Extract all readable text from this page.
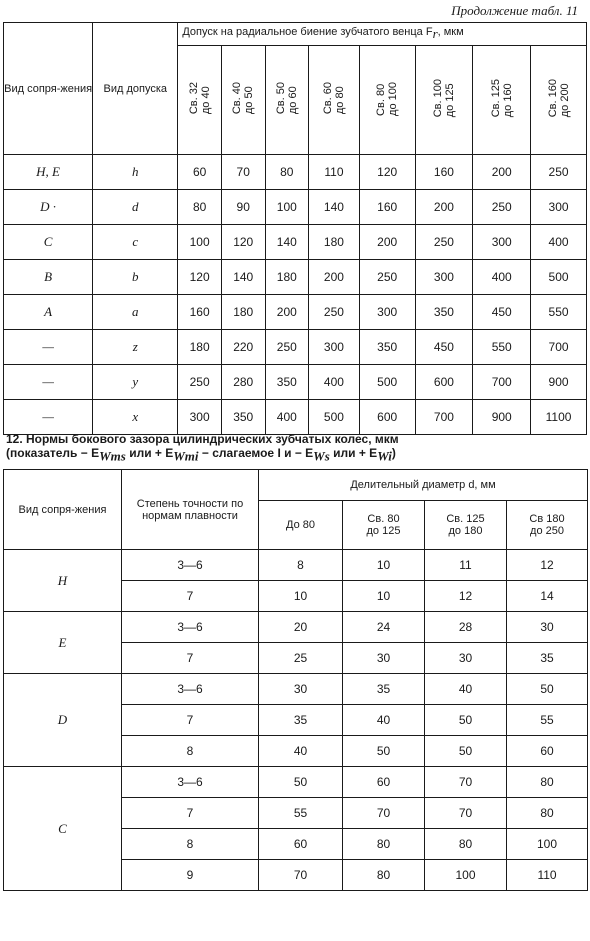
Продолжение табл. 11
Вид сопря-жения	Вид допуска	Допуск на радиальное биение зубчатого венца $F_r$, мкм							
		Св. 32
до 40	Св. 40
до 50	Св. 50
до 60	Св. 60
до 80	Св. 80
до 100	Св. 100
до 125	Св. 125
до 160	Св. 160
до 200
H, E	h	60	70	80	110	120	160	200	250
D ·	d	80	90	100	140	160	200	250	300
C	c	100	120	140	180	200	250	300	400
B	b	120	140	180	200	250	300	400	500
A	a	160	180	200	250	300	350	450	550
—	z	180	220	250	300	350	450	550	700
—	y	250	280	350	400	500	600	700	900
—	x	300	350	400	500	600	700	900	1100
12. Нормы бокового зазора цилиндрических зубчатых колес, мкм
(показатель − $E_{Wms}$ или + $E_{Wmi}$ − слагаемое I $и - E_{Ws}$ или + $E_{Wi}$)
Вид сопря-жения	Степень точности по нормам плавности	Делительный диаметр d, мм			
		До 80	Св. 80
до 125	Св. 125
до 180	Св 180
до 250
H	3—6	8	10	11	12
	7	10	10	12	14
E	3—6	20	24	28	30
	7	25	30	30	35
D	3—6	30	35	40	50
	7	35	40	50	55
	8	40	50	50	60
C	3—6	50	60	70	80
	7	55	70	70	80
	8	60	80	80	100
	9	70	80	100	110
